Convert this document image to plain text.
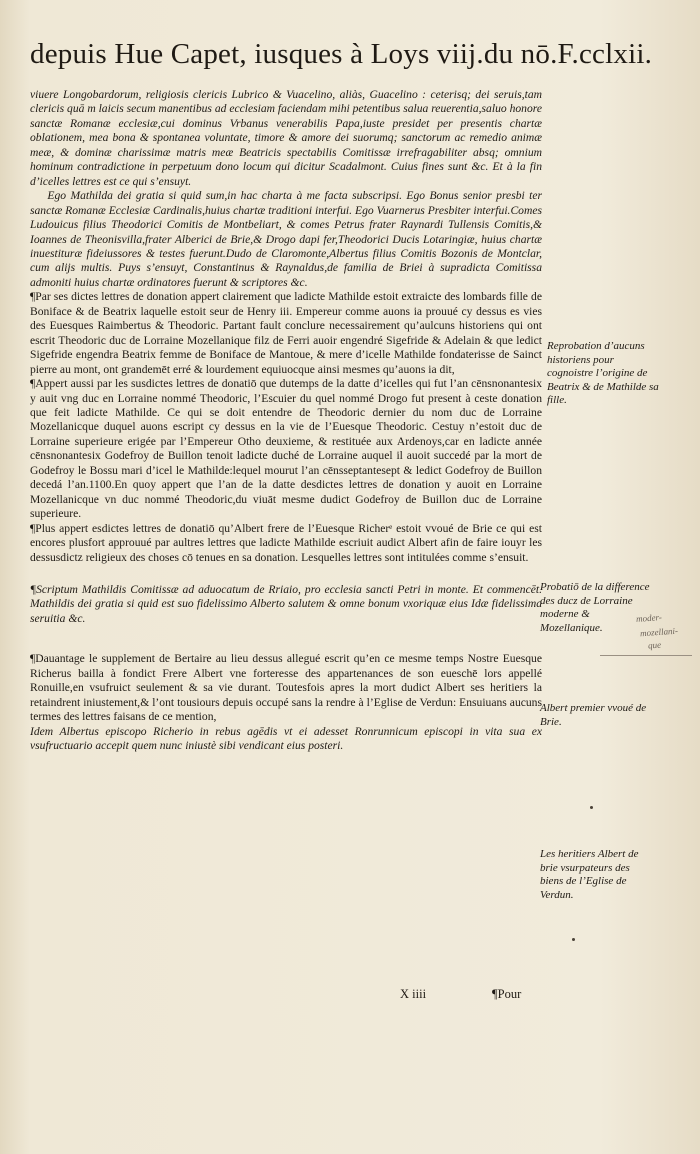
depuis Hue Capet, iusques à Loys viij.du nō.F.cclxii.

viuere Longobardorum, religiosis clericis Lubrico & Vuacelino, aliàs, Guacelino : ceterisq; dei seruis,tam clericis quā m laicis secum manentibus ad ecclesiam faciendam mihi petentibus salua reuerentia,saluo honore sanctæ Romanæ ecclesiæ,cui dominus Vrbanus venerabilis Papa,iuste presidet per presentis chartæ oblationem, mea bona & spontanea voluntate, timore & amore dei suorumq; sanctorum ac remedio animæ meæ, & dominæ charissimæ matris meæ Beatricis spectabilis Comitissæ irrefragabiliter absq; omnium hominum contradictione in perpetuum dono locum qui dicitur Scadalmont. Cuius fines sunt &c. Et à la fin d’icelles lettres est ce qui s’ensuyt.

Ego Mathilda dei gratia si quid sum,in hac charta à me facta subscripsi. Ego Bonus senior presbi ter sanctæ Romanæ Ecclesiæ Cardinalis,huius chartæ traditioni interfui. Ego Vuarnerus Presbiter interfui.Comes Ludouicus filius Theodorici Comitis de Montbeliart, & comes Petrus frater Raynardi Tullensis Comitis,& Ioannes de Theonisvilla,frater Alberici de Brie,& Drogo dapi fer,Theodorici Ducis Lotaringiæ, huius chartæ inuestituræ fideiussores & testes fuerunt.Dudo de Claromonte,Albertus filius Comitis Bozonis de Montclar, cum alijs multis. Puys s’ensuyt, Constantinus & Raynaldus,de familia de Briei à supradicta Comitissa admoniti huius chartæ ordinatores fuerunt & scriptores &c.

¶Par ses dictes lettres de donation appert clairement que ladicte Mathilde estoit extraicte des lombards fille de Boniface & de Beatrix laquelle estoit seur de Henry iii. Empereur comme auons ia prouué cy dessus es vies des Euesques Raimbertus & Theodoric. Partant fault conclure necessairement qu’aulcuns historiens qui ont escrit Theodoric duc de Lorraine Mozellanique filz de Ferri auoir engendré Sigefride & Adelain & que ledict Sigefride engendra Beatrix femme de Boniface de Mantoue, & mere d’icelle Mathilde fondaterisse de Sainct pierre au mont, ont grandemēt erré & lourdement equiuocque ainsi mesmes qu’auons ia dit,

¶Appert aussi par les susdictes lettres de donatiō que dutemps de la datte d’icelles qui fut l’an cēnsnonantesix y auit vng duc en Lorraine nommé Theodoric, l’Escuier du quel nommé Drogo fut present à ceste donation que feit ladicte Mathilde. Ce qui se doit entendre de Theodoric dernier du nom duc de Lorraine Mozellanicque duquel auons escript cy dessus en la vie de l’Euesque Theodoric. Cestuy n’estoit duc de Lorraine superieure erigée par l’Empereur Otho deuxieme, & restituée aux Ardenoys,car en ladicte année cēnsnonantesix Godefroy de Buillon tenoit ladicte duché de Lorraine auquel il auoit succedé par la mort de Godefroy le Bossu mari d’icel le Mathilde:lequel mourut l’an cēnsseptantesept & ledict Godefroy de Buillon decedá l’an.1100.En quoy appert que l’an de la datte desdictes lettres de donation y auoit en Lorraine Mozellanicque vn duc nommé Theodoric,du viuāt mesme dudict Godefroy de Buillon duc de Lorraine superieure.

¶Plus appert esdictes lettres de donatiō qu’Albert frere de l’Euesque Richerᵉ estoit vvoué de Brie ce qui est encores plusfort approuué par aultres lettres que ladicte Mathilde escriuit audict Albert afin de faire iouyr les dessusdictz religieux des choses cō tenues en sa donation. Lesquelles lettres sont intitulées comme s’ensuit.

¶Scriptum Mathildis Comitissæ ad aduocatum de Rriaio, pro ecclesia sancti Petri in monte. Et commencēt. Mathildis dei gratia si quid est suo fidelissimo Alberto salutem & omne bonum vxoriquæ eius Idæ fidelissima seruitia &c.

¶Dauantage le supplement de Bertaire au lieu dessus allegué escrit qu’en ce mesme temps Nostre Euesque Richerus bailla à fondict Frere Albert vne forteresse des appartenances de son eueschē lors appellé Ronuille,en vsufruict seulement & sa vie durant. Toutesfois apres la mort dudict Albert ses heritiers la retaindrent iniustement,& l’ont tousiours depuis occupé sans la rendre à l’Eglise de Verdun: Ensuiuans aucuns termes des lettres faisans de ce mention,

Idem Albertus episcopo Richerio in rebus agēdis vt ei adesset Ronrunnicum episcopi in vita sua ex vsufructuario accepit quem nunc iniustè sibi vendicant eius posteri.

Reprobation d’aucuns historiens pour cognoistre l’origine de Beatrix & de Mathilde sa fille.
Probatiō de la difference des ducz de Lorraine moderne & Mozellanique.
Albert premier vvoué de Brie.
Les heritiers Albert de brie vsurpateurs des biens de l’Eglise de Verdun.
moder-
mozellani-
que
X iiii	¶Pour
